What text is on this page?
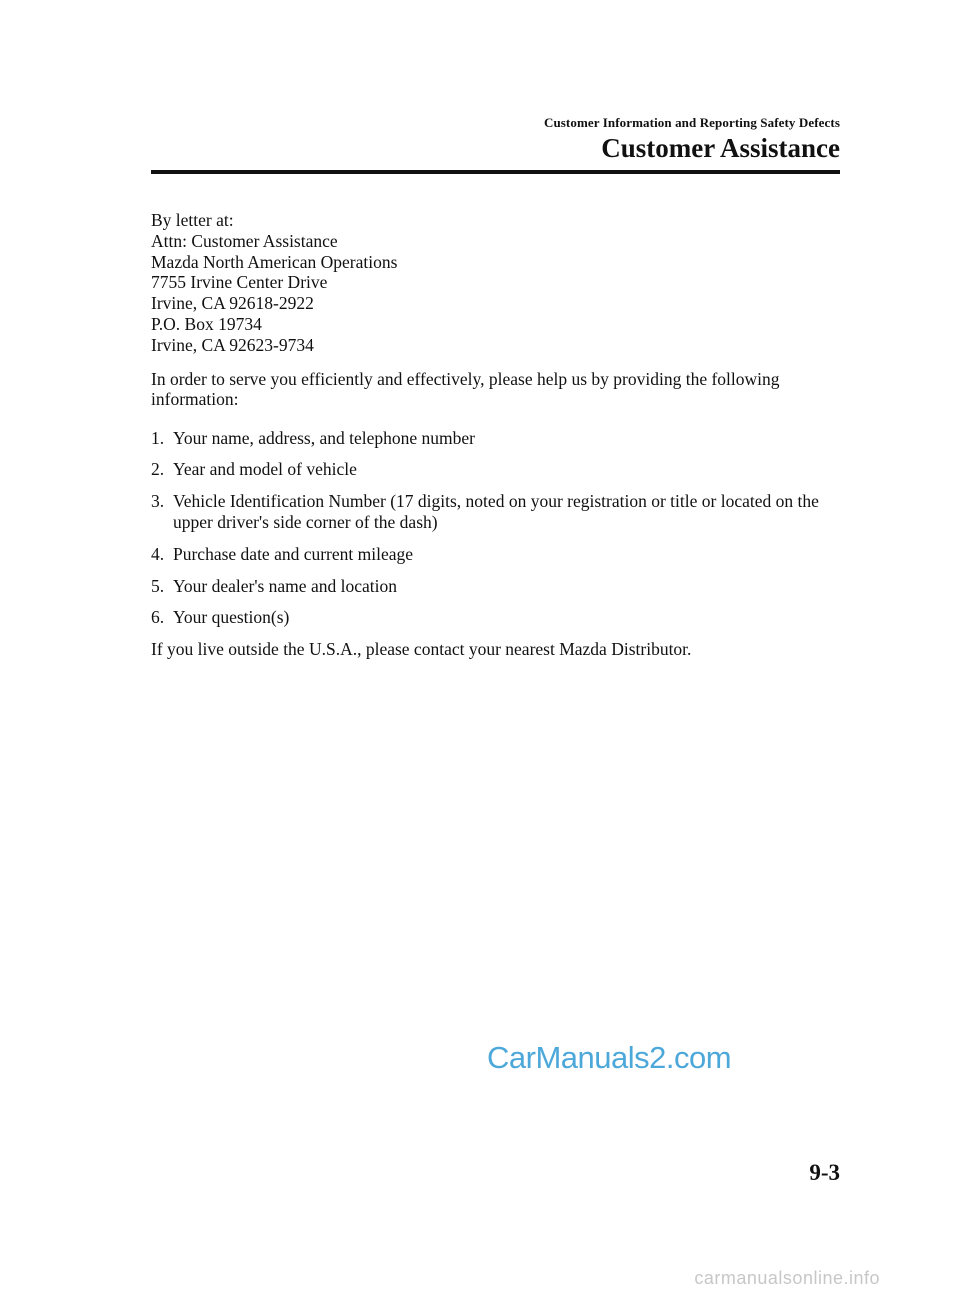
Customer Information and Reporting Safety Defects
Customer Assistance
By letter at:
Attn: Customer Assistance
Mazda North American Operations
7755 Irvine Center Drive
Irvine, CA 92618-2922
P.O. Box 19734
Irvine, CA 92623-9734

In order to serve you efficiently and effectively, please help us by providing the following information:

1. Your name, address, and telephone number
2. Year and model of vehicle
3. Vehicle Identification Number (17 digits, noted on your registration or title or located on the upper driver's side corner of the dash)
4. Purchase date and current mileage
5. Your dealer's name and location
6. Your question(s)

If you live outside the U.S.A., please contact your nearest Mazda Distributor.

CarManuals2.com
9-3
carmanualsonline.info
